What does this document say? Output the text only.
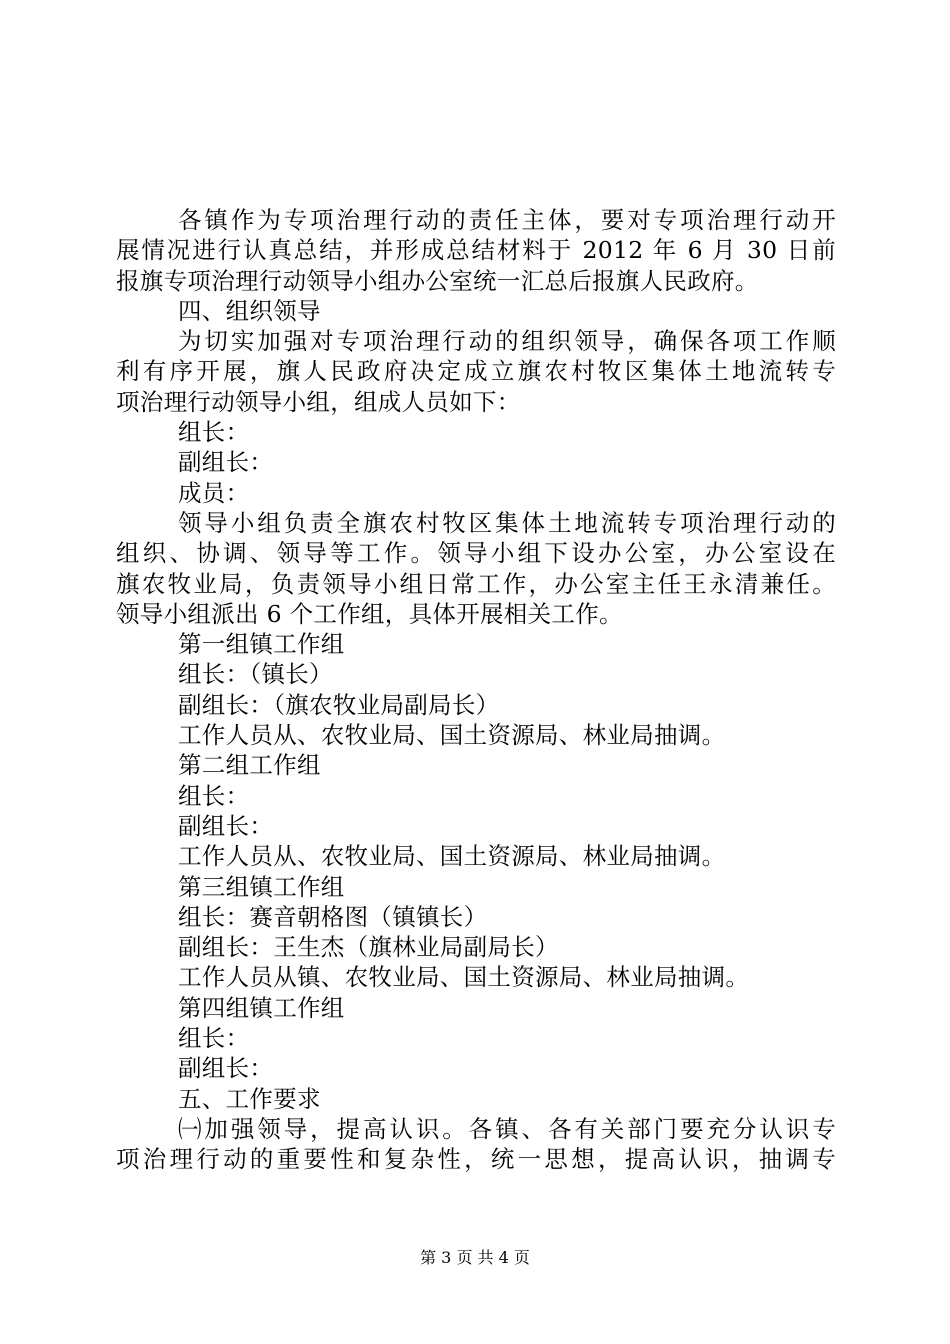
各镇作为专项治理行动的责任主体，要对专项治理行动开
展情况进行认真总结，并形成总结材料于 2012 年 6 月 30 日前
报旗专项治理行动领导小组办公室统一汇总后报旗人民政府。
四、组织领导
为切实加强对专项治理行动的组织领导，确保各项工作顺
利有序开展，旗人民政府决定成立旗农村牧区集体土地流转专
项治理行动领导小组，组成人员如下：
组长：
副组长：
成员：
领导小组负责全旗农村牧区集体土地流转专项治理行动的
组织、协调、领导等工作。领导小组下设办公室，办公室设在
旗农牧业局，负责领导小组日常工作，办公室主任王永清兼任。
领导小组派出 6 个工作组，具体开展相关工作。
第一组镇工作组
组长：（镇长）
副组长：（旗农牧业局副局长）
工作人员从、农牧业局、国土资源局、林业局抽调。
第二组工作组
组长：
副组长：
工作人员从、农牧业局、国土资源局、林业局抽调。
第三组镇工作组
组长：赛音朝格图（镇镇长）
副组长：王生杰（旗林业局副局长）
工作人员从镇、农牧业局、国土资源局、林业局抽调。
第四组镇工作组
组长：
副组长：
五、工作要求
㈠加强领导，提高认识。各镇、各有关部门要充分认识专
项治理行动的重要性和复杂性，统一思想，提高认识，抽调专
第 3 页 共 4 页
